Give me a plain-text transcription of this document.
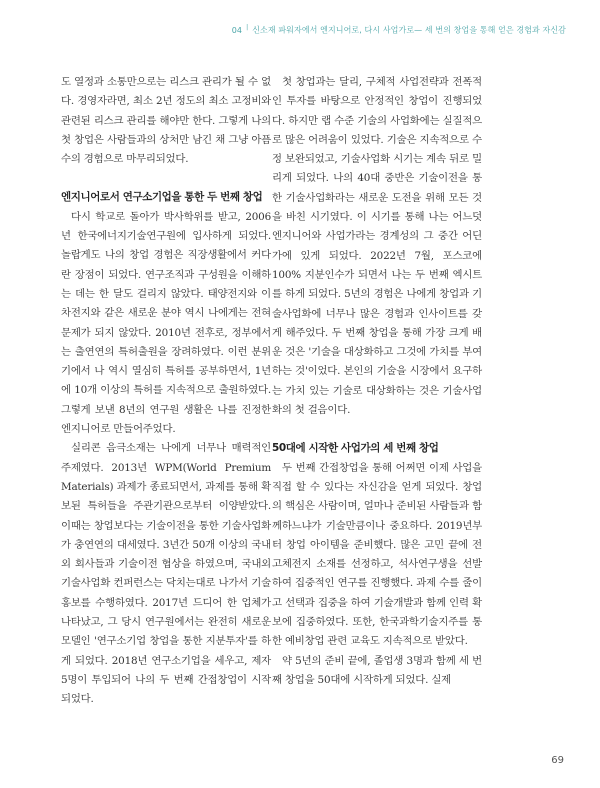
04 | 신소재 파워자에서 엔지니어로, 다시 사업가로— 세 번의 창업을 통해 얻은 경험과 자신감

도 열정과 소통만으로는 리스크 관리가 될 수 없다. 경영자라면, 최소 2년 정도의 최소 고정비와 관련된 리스크 관리를 해야만 한다. 그렇게 나의 첫 창업은 사람들과의 상처만 남긴 채 그냥 아픔수의 경험으로 마무리되었다.

엔지니어로서 연구소기업을 통한 두 번째 창업

다시 학교로 돌아가 박사학위를 받고, 2006년 한국에너지기술연구원에 입사하게 되었다. 놀랍게도 나의 창업 경험은 직장생활에서 커다란 장점이 되었다. 연구조직과 구성원을 이해하는 데는 한 달도 걸리지 않았다. 태양전지와 이차전지와 같은 새로운 분야 역시 나에게는 전혀 문제가 되지 않았다. 2010년 전후로, 정부에서는 출연연의 특허출원을 장려하였다. 이런 분위기에서 나 역시 열심히 특허를 공부하면서, 1년에 10개 이상의 특허를 지속적으로 출원하였다. 그렇게 보낸 8년의 연구원 생활은 나를 진정한 엔지니어로 만들어주었다.

실리콘 음극소재는 나에게 너무나 매력적인 주제였다. 2013년 WPM(World Premium Materials) 과제가 종료되면서, 과제를 통해 확보된 특허들을 주관기관으로부터 이양받았다. 이때는 창업보다는 기술이전을 통한 기술사업화가 충연연의 대세였다. 3년간 50개 이상의 국내외 회사들과 기술이전 협상을 하였으며, 국내외 기술사업화 컨퍼런스는 닥치는대로 나가서 기술 홍보를 수행하였다. 2017년 드디어 한 업체가 나타났고, 그 당시 연구원에서는 완전히 새로운 모델인 '연구소기업 창업을 통한 지분투자'를 하게 되었다. 2018년 연구소기업을 세우고, 제자 5명이 투입되어 나의 두 번째 간접창업이 시작되었다.

첫 창업과는 달리, 구체적 사업전략과 전폭적인 투자를 바탕으로 안정적인 창업이 진행되었다. 하지만 랩 수준 기술의 사업화에는 실질적으로 많은 어려움이 있었다. 기술은 지속적으로 수정 보완되었고, 기술사업화 시기는 계속 뒤로 밀리게 되었다. 나의 40대 중반은 기술이전을 통한 기술사업화라는 새로운 도전을 위해 모든 것을 바친 시기였다. 이 시기를 통해 나는 어느덧 엔지니어와 사업가라는 경계성의 그 중간 어딘가에 있게 되었다. 2022년 7월, 포스코에 100% 지분인수가 되면서 나는 두 번째 엑시트를 하게 되었다. 5년의 경험은 나에게 창업과 기술사업화에 너무나 많은 경험과 인사이트를 갖게 해주었다. 두 번째 창업을 통해 가장 크게 배운 것은 '기술을 대상화하고 그것에 가치를 부여하는 것'이었다. 본인의 기술을 시장에서 요구하는 가치 있는 기술로 대상화하는 것은 기술사업화의 첫 걸음이다.

50대에 시작한 사업가의 세 번째 창업

두 번째 간접창업을 통해 어쩌면 이제 사업을 직접 할 수 있다는 자신감을 얻게 되었다. 창업의 핵심은 사람이며, 얼마나 준비된 사람들과 함께하느냐가 기술만큼이나 중요하다. 2019년부터 창업 아이템을 준비했다. 많은 고민 끝에 전고체전지 소재를 선정하고, 석사연구생을 선발하여 집중적인 연구를 진행했다. 과제 수를 줄이고 선택과 집중을 하여 기술개발과 함께 인력 확보에 집중하였다. 또한, 한국과학기술지주를 통한 예비창업 관련 교육도 지속적으로 받았다.

약 5년의 준비 끝에, 졸업생 3명과 함께 세 번째 창업을 50대에 시작하게 되었다. 실제

69
